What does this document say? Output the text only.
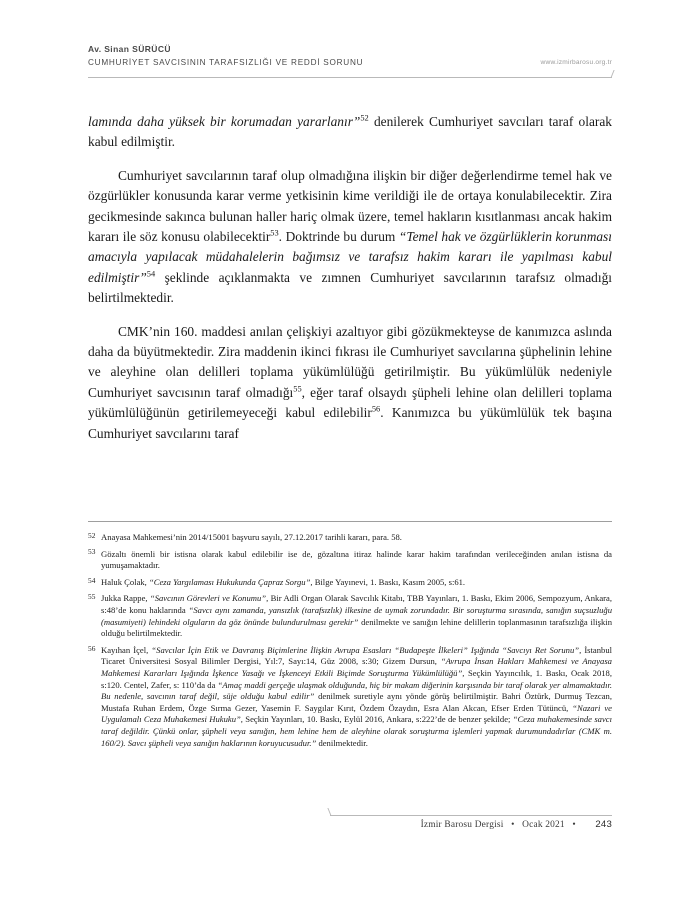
Av. Sinan SÜRÜCÜ
CUMHURİYET SAVCISININ TARAFSIZLIĞI VE REDDİ SORUNU	www.izmirbarosu.org.tr

lamında daha yüksek bir korumadan yararlanır”$^{52}$ denilerek Cumhuriyet savcıları taraf olarak kabul edilmiştir.

Cumhuriyet savcılarının taraf olup olmadığına ilişkin bir diğer değerlendirme temel hak ve özgürlükler konusunda karar verme yetkisinin kime verildiği ile de ortaya konulabilecektir. Zira gecikmesinde sakınca bulunan haller hariç olmak üzere, temel hakların kısıtlanması ancak hakim kararı ile söz konusu olabilecektir$^{53}$. Doktrinde bu durum “Temel hak ve özgürlüklerin korunması amacıyla yapılacak müdahalelerin bağımsız ve tarafsız hakim kararı ile yapılması kabul edilmiştir”$^{54}$ şeklinde açıklanmakta ve zımnen Cumhuriyet savcılarının tarafsız olmadığı belirtilmektedir.

CMK’nin 160. maddesi anılan çelişkiyi azaltıyor gibi gözükmekteyse de kanımızca aslında daha da büyütmektedir. Zira maddenin ikinci fıkrası ile Cumhuriyet savcılarına şüphelinin lehine ve aleyhine olan delilleri toplama yükümlülüğü getirilmiştir. Bu yükümlülük nedeniyle Cumhuriyet savcısının taraf olmadığı$^{55}$, eğer taraf olsaydı şüpheli lehine olan delilleri toplama yükümlülüğünün getirilemeyeceği kabul edilebilir$^{56}$. Kanımızca bu yükümlülük tek başına Cumhuriyet savcılarını taraf

52 Anayasa Mahkemesi’nin 2014/15001 başvuru sayılı, 27.12.2017 tarihli kararı, para. 58.
53 Gözaltı önemli bir istisna olarak kabul edilebilir ise de, gözaltına itiraz halinde karar hakim tarafından verileceğinden anılan istisna da yumuşamaktadır.
54 Haluk Çolak, “Ceza Yargılaması Hukukunda Çapraz Sorgu”, Bilge Yayınevi, 1. Baskı, Kasım 2005, s:61.
55 Jukka Rappe, “Savcının Görevleri ve Konumu”, Bir Adli Organ Olarak Savcılık Kitabı, TBB Yayınları, 1. Baskı, Ekim 2006, Sempozyum, Ankara, s:48’de konu haklarında “Savcı aynı zamanda, yansızlık (tarafsızlık) ilkesine de uymak zorundadır. Bir soruşturma sırasında, sanığın suçsuzluğu (masumiyeti) lehindeki olguların da göz önünde bulundurulması gerekir” denilmekte ve sanığın lehine delillerin toplanmasının tarafsızlığa ilişkin olduğu belirtilmektedir.
56 Kayıhan İçel, “Savcılar İçin Etik ve Davranış Biçimlerine İlişkin Avrupa Esasları “Budapeşte İlkeleri” Işığında “Savcıyı Ret Sorunu”, İstanbul Ticaret Üniversitesi Sosyal Bilimler Dergisi, Yıl:7, Sayı:14, Güz 2008, s:30; Gizem Dursun, “Avrupa İnsan Hakları Mahkemesi ve Anayasa Mahkemesi Kararları Işığında İşkence Yasağı ve İşkenceyi Etkili Biçimde Soruşturma Yükümlülüğü”, Seçkin Yayıncılık, 1. Baskı, Ocak 2018, s:120. Centel, Zafer, s: 110’da da “Amaç maddi gerçeğe ulaşmak olduğunda, hiç bir makam diğerinin karşısında bir taraf olarak yer almamaktadır. Bu nedenle, savcının taraf değil, süje olduğu kabul edilir” denilmek suretiyle aynı yönde görüş belirtilmiştir. Bahri Öztürk, Durmuş Tezcan, Mustafa Ruhan Erdem, Özge Sırma Gezer, Yasemin F. Saygılar Kırıt, Özdem Özaydın, Esra Alan Akcan, Efser Erden Tütüncü, “Nazari ve Uygulamalı Ceza Muhakemesi Hukuku”, Seçkin Yayınları, 10. Baskı, Eylül 2016, Ankara, s:222’de de benzer şekilde; “Ceza muhakemesinde savcı taraf değildir. Çünkü onlar, şüpheli veya sanığın, hem lehine hem de aleyhine olarak soruşturma işlemleri yapmak durumundadırlar (CMK m. 160/2). Savcı şüpheli veya sanığın haklarının koruyucusudur.” denilmektedir.
İzmir Barosu Dergisi • Ocak 2021 • 243
